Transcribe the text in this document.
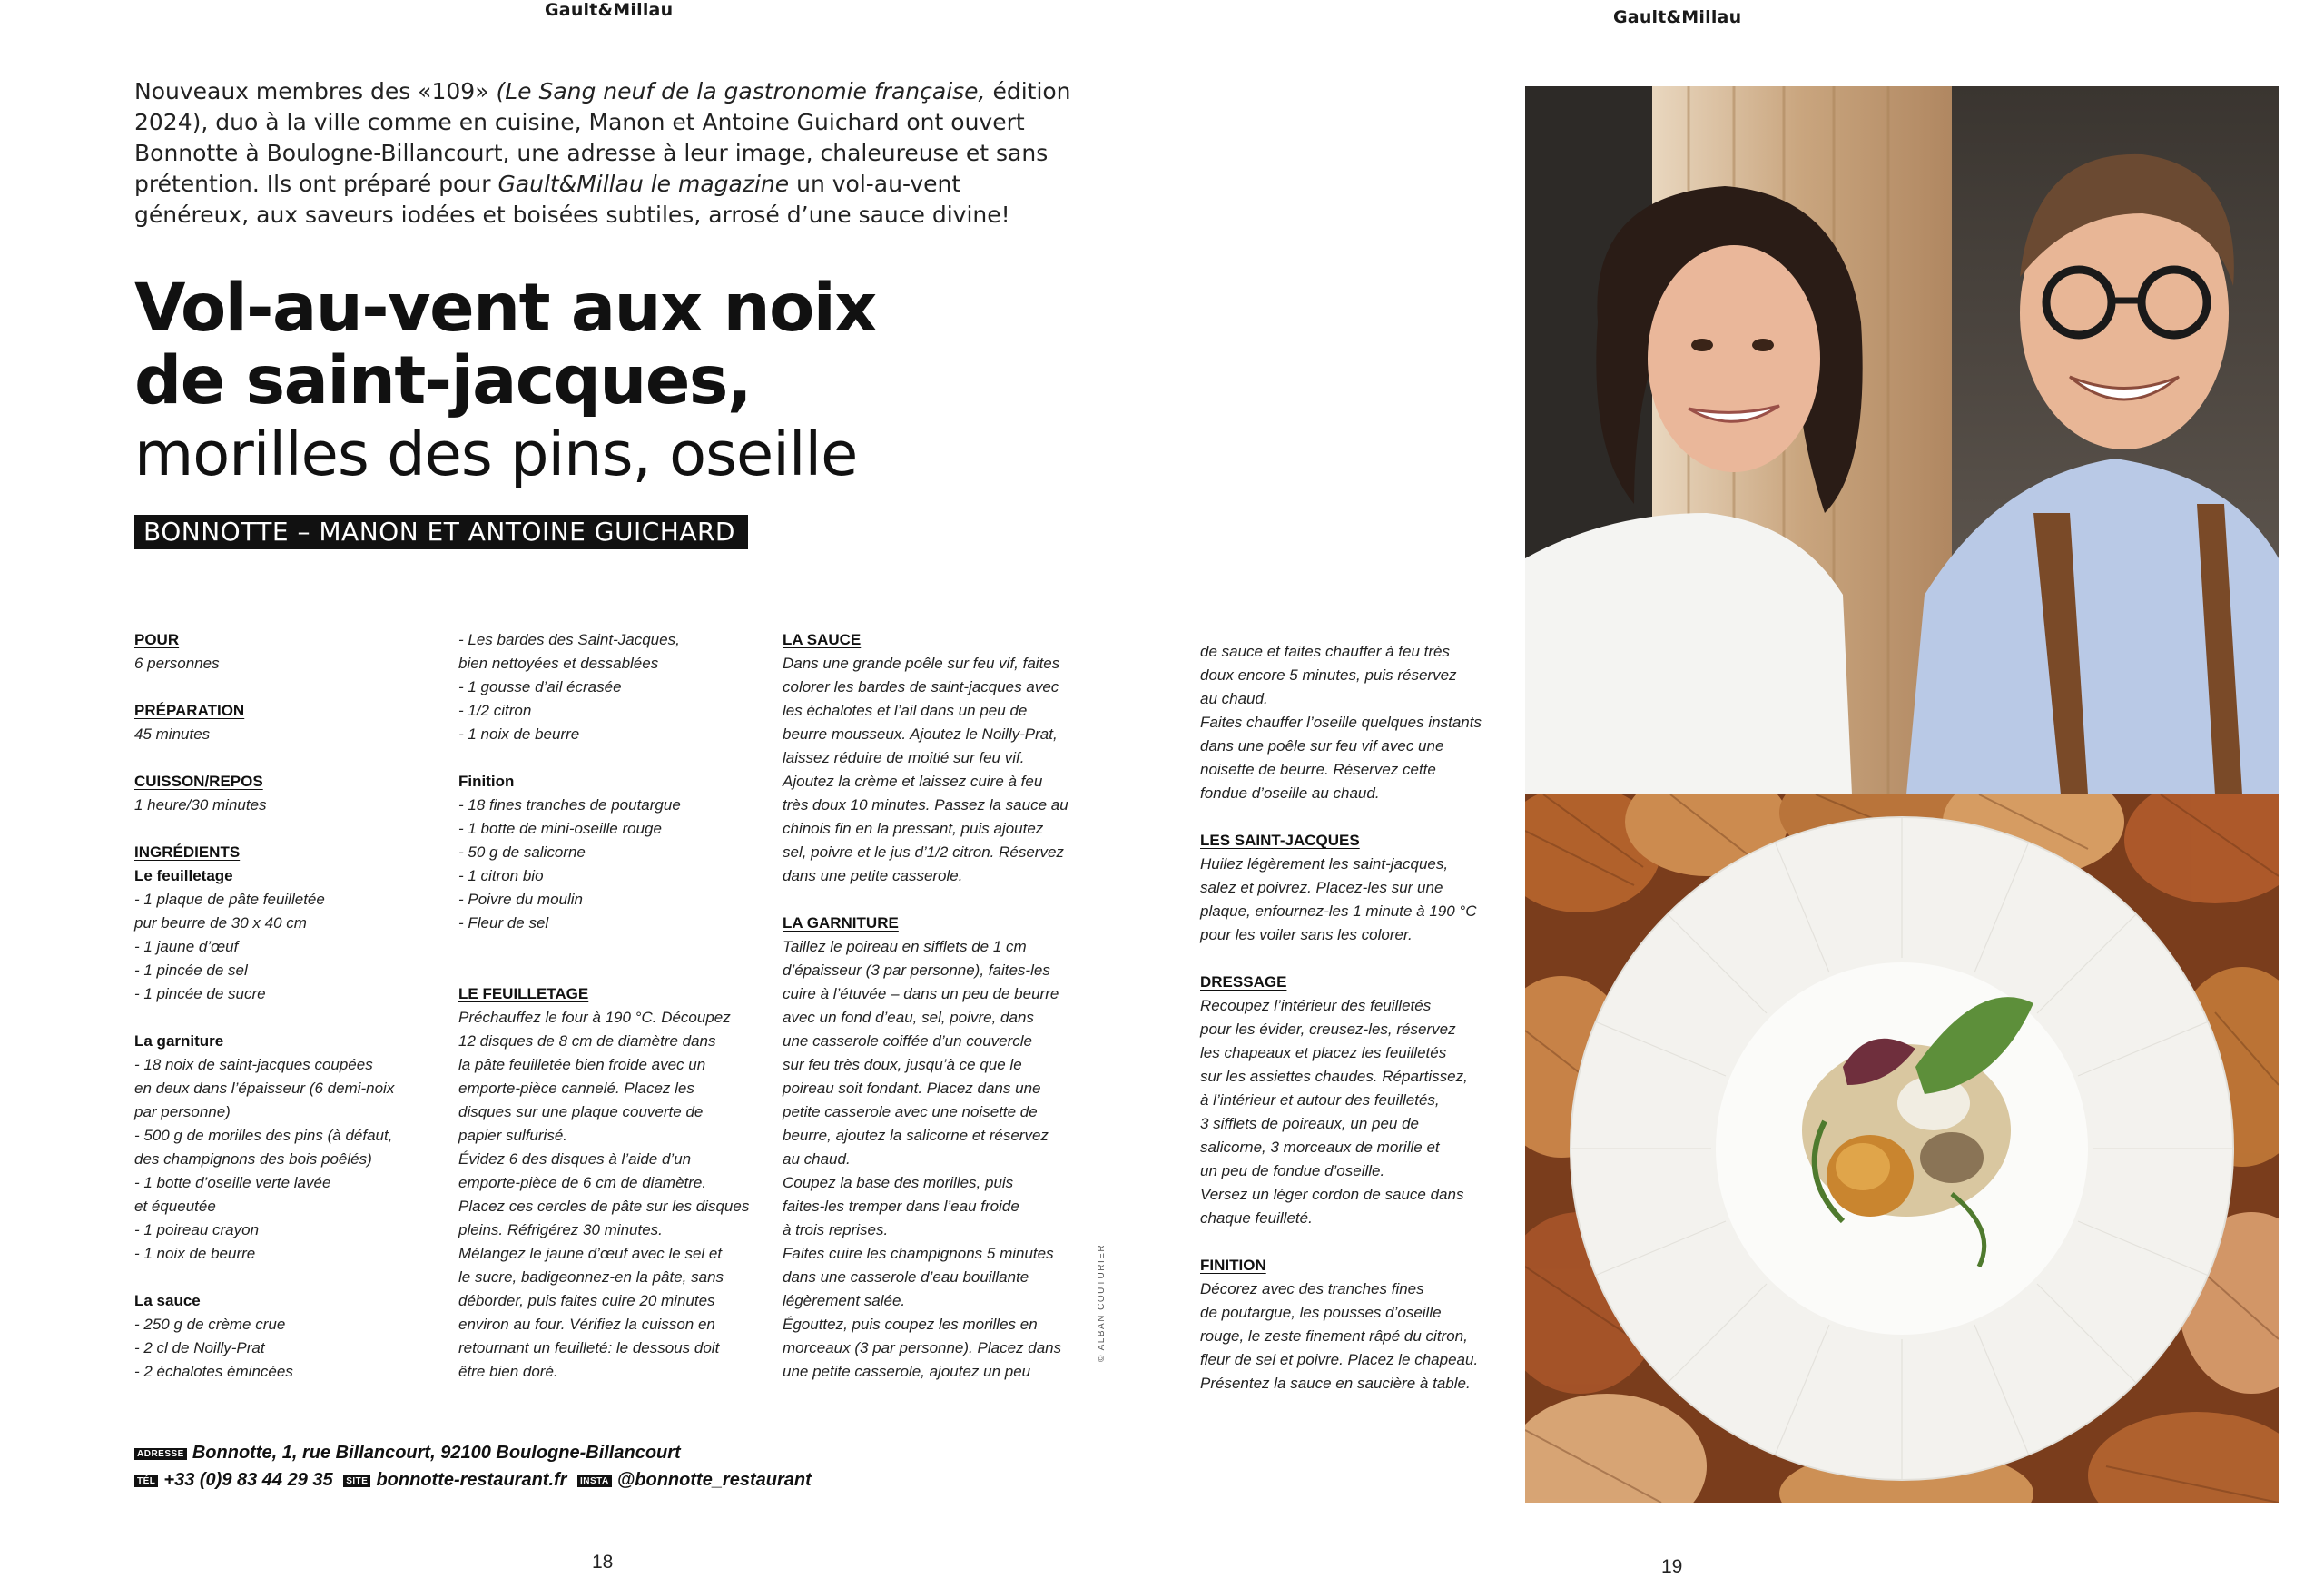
Gault&Millau	Gault&Millau
Nouveaux membres des «109» (Le Sang neuf de la gastronomie française, édition 2024), duo à la ville comme en cuisine, Manon et Antoine Guichard ont ouvert Bonnotte à Boulogne-Billancourt, une adresse à leur image, chaleureuse et sans prétention. Ils ont préparé pour Gault&Millau le magazine un vol-au-vent généreux, aux saveurs iodées et boisées subtiles, arrosé d’une sauce divine!
Vol-au-vent aux noix
de saint-jacques,
morilles des pins, oseille
BONNOTTE – MANON ET ANTOINE GUICHARD
POUR
6 personnes
PRÉPARATION
45 minutes
CUISSON/REPOS
1 heure/30 minutes
INGRÉDIENTS
Le feuilletage
- 1 plaque de pâte feuilletée
pur beurre de 30 x 40 cm
- 1 jaune d’œuf
- 1 pincée de sel
- 1 pincée de sucre
La garniture
- 18 noix de saint-jacques coupées
en deux dans l’épaisseur (6 demi-noix
par personne)
- 500 g de morilles des pins (à défaut,
des champignons des bois poêlés)
- 1 botte d’oseille verte lavée
et équeutée
- 1 poireau crayon
- 1 noix de beurre
La sauce
- 250 g de crème crue
- 2 cl de Noilly-Prat
- 2 échalotes émincées
- Les bardes des Saint-Jacques,
bien nettoyées et dessablées
- 1 gousse d’ail écrasée
- 1/2 citron
- 1 noix de beurre
Finition
- 18 fines tranches de poutargue
- 1 botte de mini-oseille rouge
- 50 g de salicorne
- 1 citron bio
- Poivre du moulin
- Fleur de sel
LE FEUILLETAGE
Préchauffez le four à 190 °C. Découpez
12 disques de 8 cm de diamètre dans
la pâte feuilletée bien froide avec un
emporte-pièce cannelé. Placez les
disques sur une plaque couverte de
papier sulfurisé.
Évidez 6 des disques à l’aide d’un
emporte-pièce de 6 cm de diamètre.
Placez ces cercles de pâte sur les disques
pleins. Réfrigérez 30 minutes.
Mélangez le jaune d’œuf avec le sel et
le sucre, badigeonnez-en la pâte, sans
déborder, puis faites cuire 20 minutes
environ au four. Vérifiez la cuisson en
retournant un feuilleté: le dessous doit
être bien doré.
LA SAUCE
Dans une grande poêle sur feu vif, faites
colorer les bardes de saint-jacques avec
les échalotes et l’ail dans un peu de
beurre mousseux. Ajoutez le Noilly-Prat,
laissez réduire de moitié sur feu vif.
Ajoutez la crème et laissez cuire à feu
très doux 10 minutes. Passez la sauce au
chinois fin en la pressant, puis ajoutez
sel, poivre et le jus d’1/2 citron. Réservez
dans une petite casserole.
LA GARNITURE
Taillez le poireau en sifflets de 1 cm
d’épaisseur (3 par personne), faites-les
cuire à l’étuvée – dans un peu de beurre
avec un fond d’eau, sel, poivre, dans
une casserole coiffée d’un couvercle
sur feu très doux, jusqu’à ce que le
poireau soit fondant. Placez dans une
petite casserole avec une noisette de
beurre, ajoutez la salicorne et réservez
au chaud.
Coupez la base des morilles, puis
faites-les tremper dans l’eau froide
à trois reprises.
Faites cuire les champignons 5 minutes
dans une casserole d’eau bouillante
légèrement salée.
Égouttez, puis coupez les morilles en
morceaux (3 par personne). Placez dans
une petite casserole, ajoutez un peu
de sauce et faites chauffer à feu très
doux encore 5 minutes, puis réservez
au chaud.
Faites chauffer l’oseille quelques instants
dans une poêle sur feu vif avec une
noisette de beurre. Réservez cette
fondue d’oseille au chaud.
LES SAINT-JACQUES
Huilez légèrement les saint-jacques,
salez et poivrez. Placez-les sur une
plaque, enfournez-les 1 minute à 190 °C
pour les voiler sans les colorer.
DRESSAGE
Recoupez l’intérieur des feuilletés
pour les évider, creusez-les, réservez
les chapeaux et placez les feuilletés
sur les assiettes chaudes. Répartissez,
à l’intérieur et autour des feuilletés,
3 sifflets de poireaux, un peu de
salicorne, 3 morceaux de morille et
un peu de fondue d’oseille.
Versez un léger cordon de sauce dans
chaque feuilleté.
FINITION
Décorez avec des tranches fines
de poutargue, les pousses d’oseille
rouge, le zeste finement râpé du citron,
fleur de sel et poivre. Placez le chapeau.
Présentez la sauce en saucière à table.
ADRESSE Bonnotte, 1, rue Billancourt, 92100 Boulogne-Billancourt
TÉL +33 (0)9 83 44 29 35 SITE bonnotte-restaurant.fr INSTA @bonnotte_restaurant
© ALBAN COUTURIER
18	19
